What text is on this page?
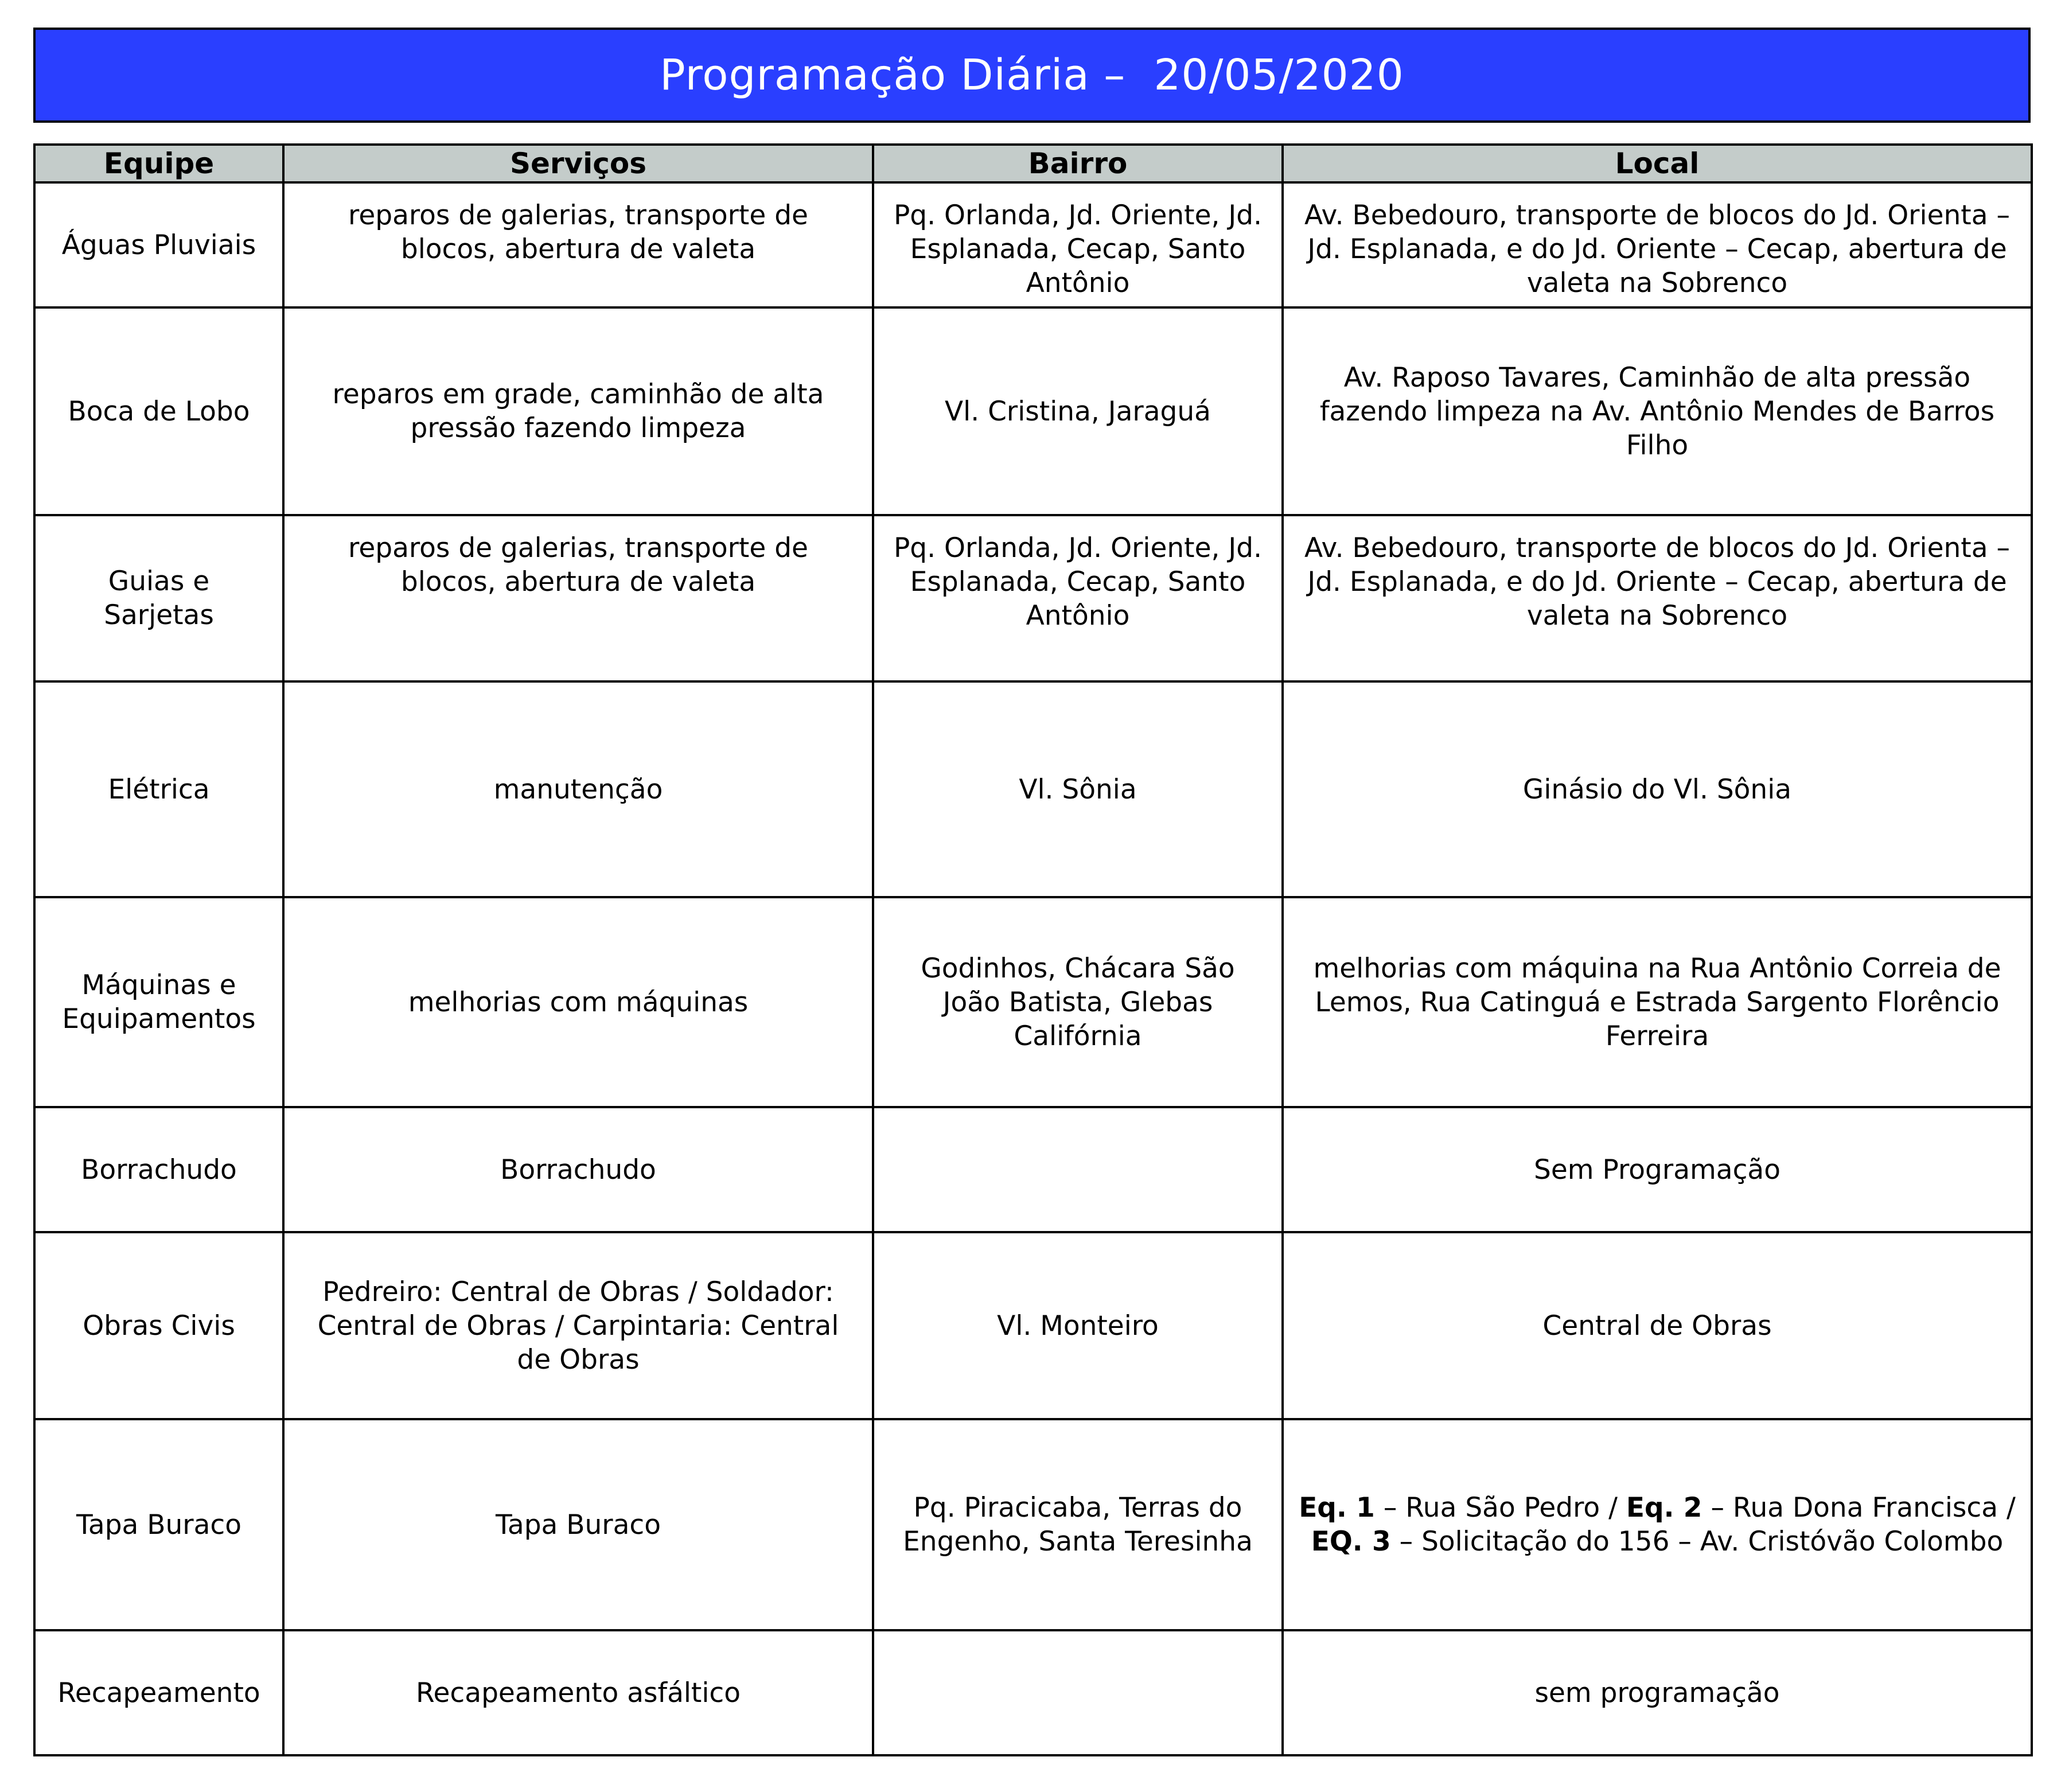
Programação Diária –  20/05/2020
Equipe	Serviços	Bairro	Local
Águas Pluviais	reparos de galerias, transporte de blocos, abertura de valeta	Pq. Orlanda, Jd. Oriente, Jd. Esplanada, Cecap, Santo Antônio	Av. Bebedouro, transporte de blocos do Jd. Orienta – Jd. Esplanada, e do Jd. Oriente – Cecap, abertura de valeta na Sobrenco
Boca de Lobo	reparos em grade, caminhão de alta pressão fazendo limpeza	Vl. Cristina, Jaraguá	Av. Raposo Tavares, Caminhão de alta pressão fazendo limpeza na Av. Antônio Mendes de Barros Filho
Guias e Sarjetas	reparos de galerias, transporte de blocos, abertura de valeta	Pq. Orlanda, Jd. Oriente, Jd. Esplanada, Cecap, Santo Antônio	Av. Bebedouro, transporte de blocos do Jd. Orienta – Jd. Esplanada, e do Jd. Oriente – Cecap, abertura de valeta na Sobrenco
Elétrica	manutenção	Vl. Sônia	Ginásio do Vl. Sônia
Máquinas e Equipamentos	melhorias com máquinas	Godinhos, Chácara São João Batista, Glebas Califórnia	melhorias com máquina na Rua Antônio Correia de Lemos, Rua Catinguá e Estrada Sargento Florêncio Ferreira
Borrachudo	Borrachudo		Sem Programação
Obras Civis	Pedreiro: Central de Obras / Soldador: Central de Obras / Carpintaria: Central de Obras	Vl. Monteiro	Central de Obras
Tapa Buraco	Tapa Buraco	Pq. Piracicaba, Terras do Engenho, Santa Teresinha	Eq. 1 – Rua São Pedro / Eq. 2 – Rua Dona Francisca / EQ. 3 – Solicitação do 156 – Av. Cristóvão Colombo
Recapeamento	Recapeamento asfáltico		sem programação
